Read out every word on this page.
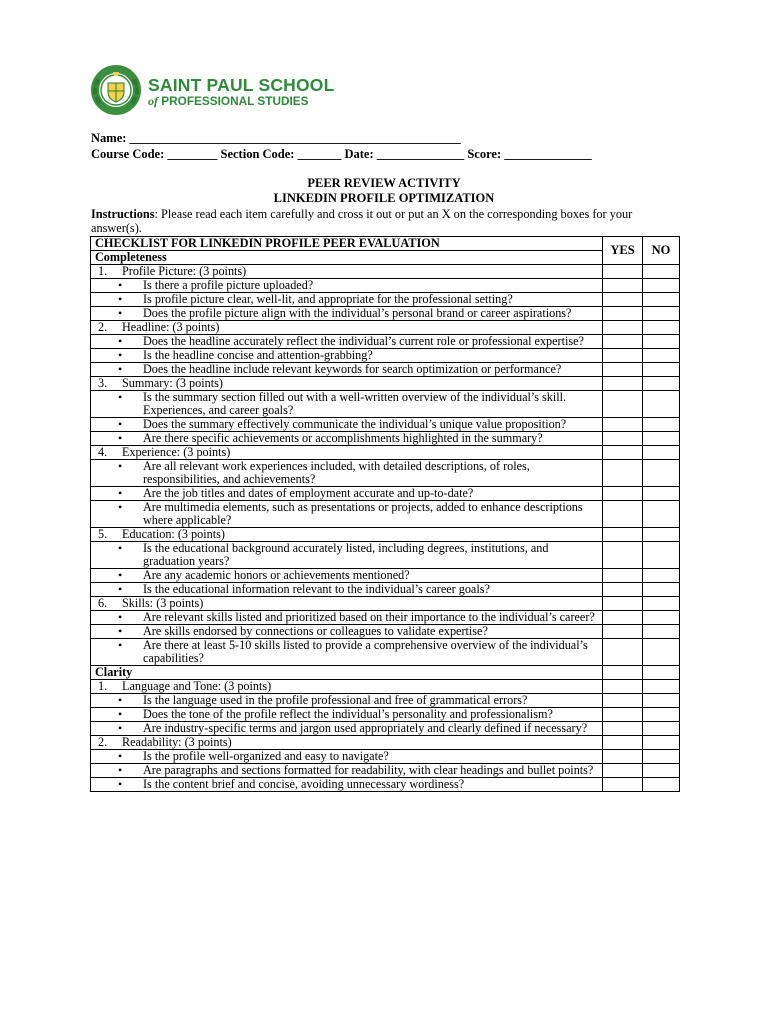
SAINT PAUL SCHOOL
of PROFESSIONAL STUDIES
Name: _____________________________________________________
Course Code: ________ Section Code: _______ Date: ______________ Score: ______________
PEER REVIEW ACTIVITY
LINKEDIN PROFILE OPTIMIZATION
Instructions: Please read each item carefully and cross it out or put an X on the corresponding boxes for your answer(s).
CHECKLIST FOR LINKEDIN PROFILE PEER EVALUATION	YES	NO
Completeness		
1. Profile Picture: (3 points)		
• Is there a profile picture uploaded?		
• Is profile picture clear, well-lit, and appropriate for the professional setting?		
• Does the profile picture align with the individual’s personal brand or career aspirations?		
2. Headline: (3 points)		
• Does the headline accurately reflect the individual’s current role or professional expertise?		
• Is the headline concise and attention-grabbing?		
• Does the headline include relevant keywords for search optimization or performance?		
3. Summary: (3 points)		
• Is the summary section filled out with a well-written overview of the individual’s skill. Experiences, and career goals?		
• Does the summary effectively communicate the individual’s unique value proposition?		
• Are there specific achievements or accomplishments highlighted in the summary?		
4. Experience: (3 points)		
• Are all relevant work experiences included, with detailed descriptions, of roles, responsibilities, and achievements?		
• Are the job titles and dates of employment accurate and up-to-date?		
• Are multimedia elements, such as presentations or projects, added to enhance descriptions where applicable?		
5. Education: (3 points)		
• Is the educational background accurately listed, including degrees, institutions, and graduation years?		
• Are any academic honors or achievements mentioned?		
• Is the educational information relevant to the individual’s career goals?		
6. Skills: (3 points)		
• Are relevant skills listed and prioritized based on their importance to the individual’s career?		
• Are skills endorsed by connections or colleagues to validate expertise?		
• Are there at least 5-10 skills listed to provide a comprehensive overview of the individual’s capabilities?		
Clarity		
1. Language and Tone: (3 points)		
• Is the language used in the profile professional and free of grammatical errors?		
• Does the tone of the profile reflect the individual’s personality and professionalism?		
• Are industry-specific terms and jargon used appropriately and clearly defined if necessary?		
2. Readability: (3 points)		
• Is the profile well-organized and easy to navigate?		
• Are paragraphs and sections formatted for readability, with clear headings and bullet points?		
• Is the content brief and concise, avoiding unnecessary wordiness?		
